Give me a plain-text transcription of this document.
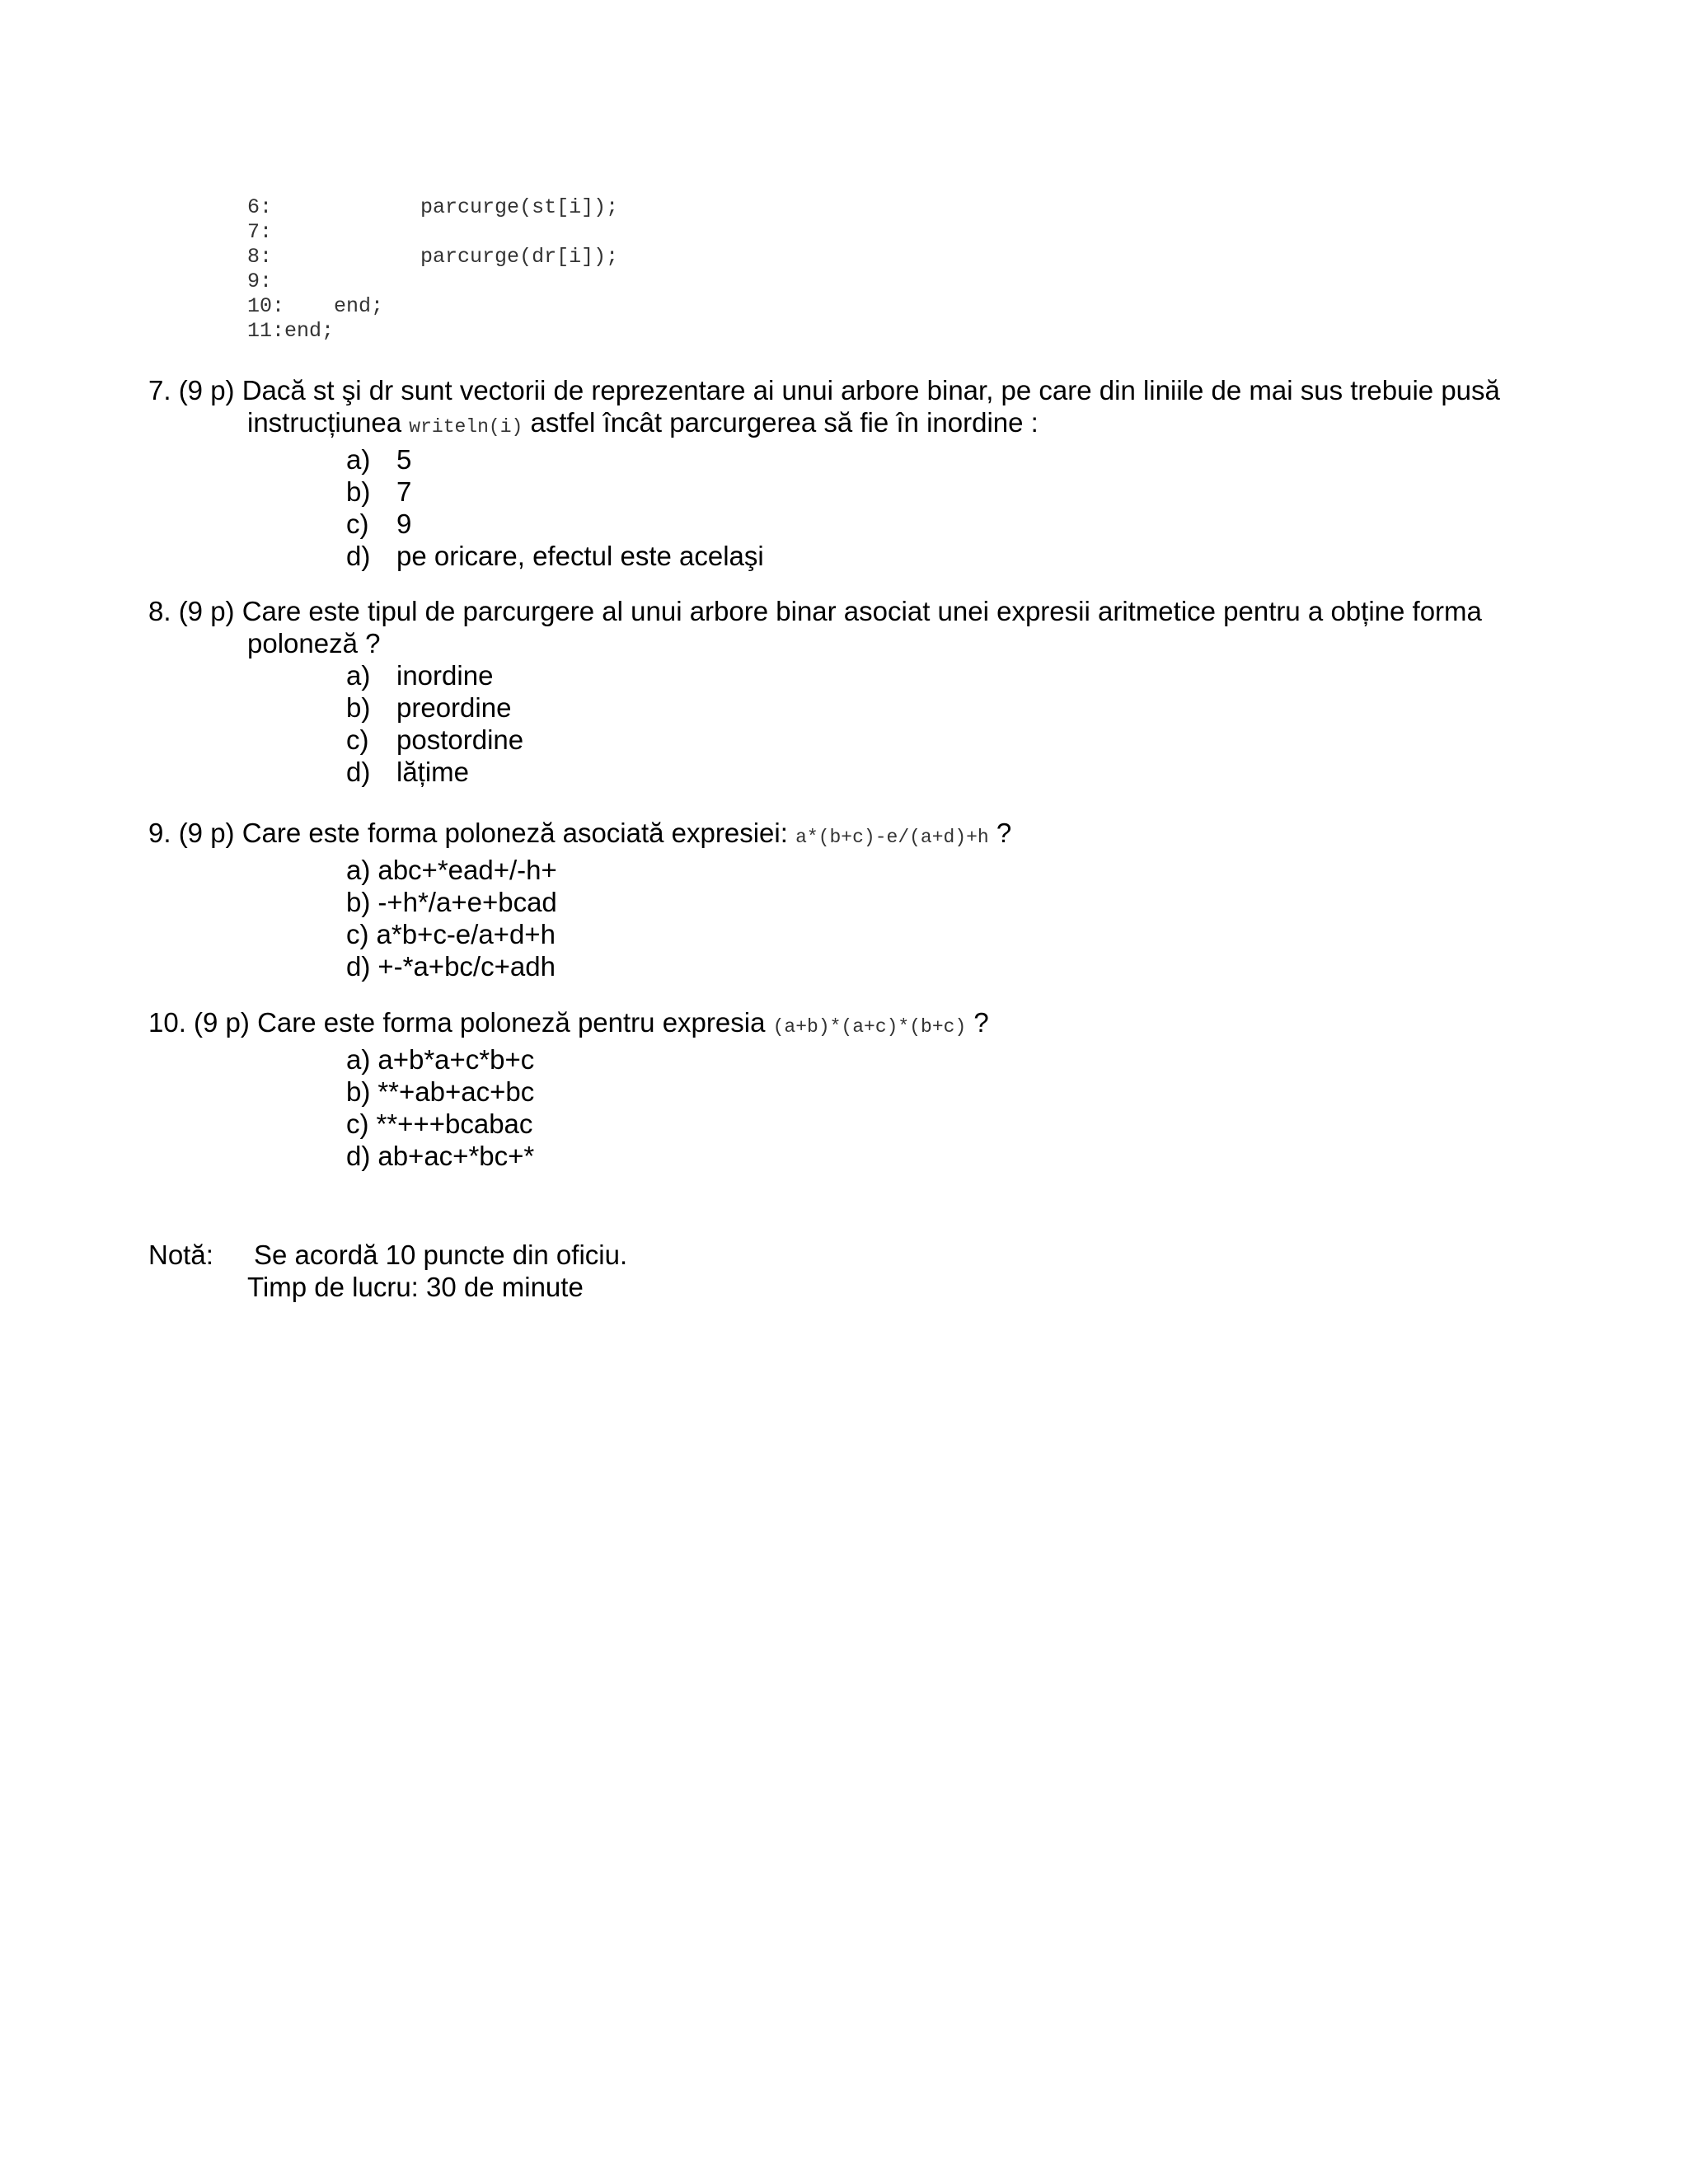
6:            parcurge(st[i]);
7:
8:            parcurge(dr[i]);
9:
10:    end;
11:end;
7. (9 p) Dacă st şi dr sunt vectorii de reprezentare ai unui arbore binar, pe care din liniile de mai sus trebuie pusă
instrucțiunea writeln(i) astfel încât parcurgerea să fie în inordine :
a) 5
b) 7
c)	9
d) pe oricare, efectul este acelaşi
8. (9 p) Care este tipul de parcurgere al unui arbore binar asociat unei expresii aritmetice pentru a obține forma
poloneză ?
a) inordine
b) preordine
c)	postordine
d) lățime
9. (9 p) Care este forma poloneză asociată expresiei: a*(b+c)-e/(a+d)+h ?
a) abc+*ead+/-h+
b) -+h*/a+e+bcad
c) a*b+c-e/a+d+h
d) +-*a+bc/c+adh
10. (9 p) Care este forma poloneză pentru expresia (a+b)*(a+c)*(b+c) ?
a) a+b*a+c*b+c
b) **+ab+ac+bc
c) **+++bcabac
d) ab+ac+*bc+*
Notă:	Se acordă 10 puncte din oficiu.
Timp de lucru: 30 de minute
